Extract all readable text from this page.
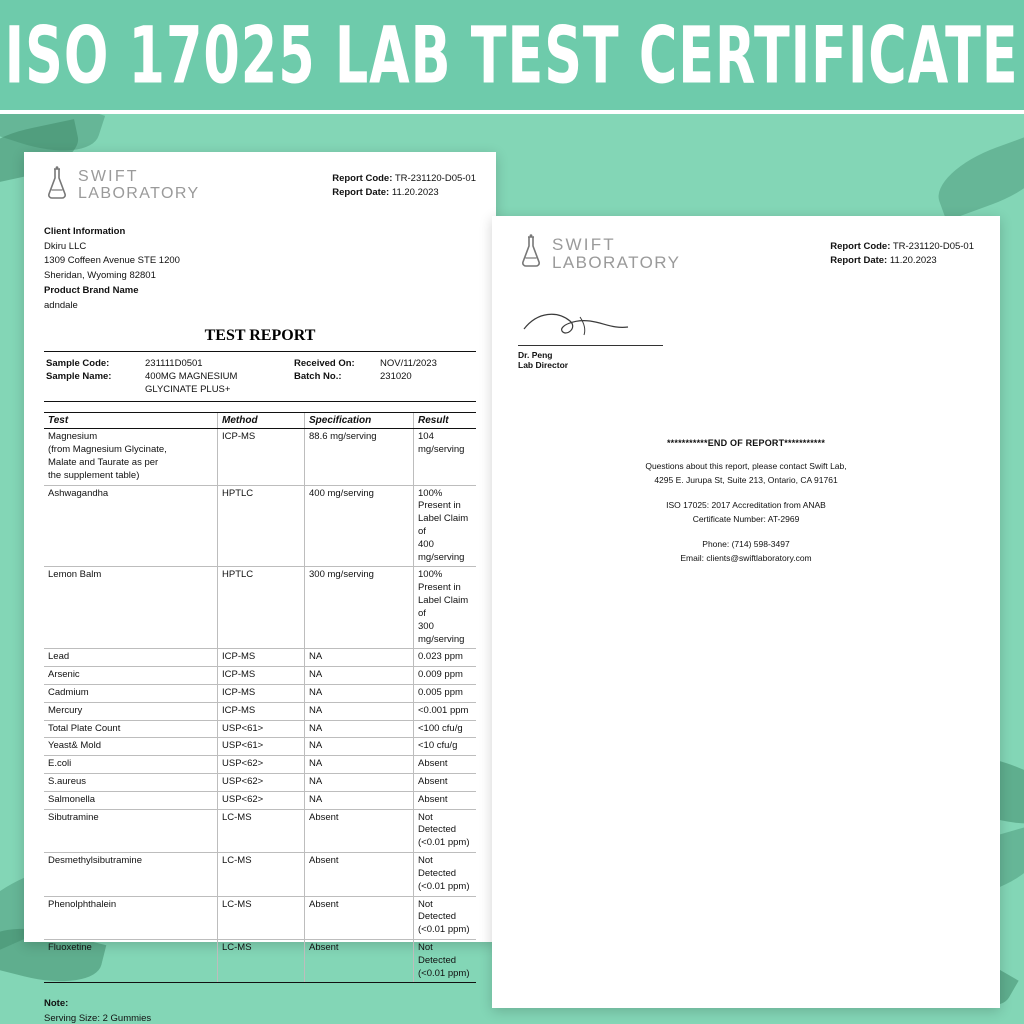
ISO 17025 LAB TEST CERTIFICATE
SWIFT
LABORATORY
Report Code: TR-231120-D05-01
Report Date: 11.20.2023
Client Information
Dkiru LLC
1309 Coffeen Avenue STE 1200
Sheridan, Wyoming 82801
Product Brand Name
adndale
TEST REPORT
Sample Code:	231111D0501	Received On:	NOV/11/2023
Sample Name:	400MG MAGNESIUM	Batch No.:	231020
	GLYCINATE PLUS+		
Test	Method	Specification	Result
Magnesium
(from Magnesium Glycinate,
Malate and Taurate as per
the supplement table)	ICP-MS	88.6 mg/serving	104 mg/serving
Ashwagandha	HPTLC	400 mg/serving	100% Present in
Label Claim of
400 mg/serving
Lemon Balm	HPTLC	300 mg/serving	100% Present in
Label Claim of
300 mg/serving
Lead	ICP-MS	NA	0.023 ppm
Arsenic	ICP-MS	NA	0.009 ppm
Cadmium	ICP-MS	NA	0.005 ppm
Mercury	ICP-MS	NA	<0.001 ppm
Total Plate Count	USP<61>	NA	<100 cfu/g
Yeast& Mold	USP<61>	NA	<10 cfu/g
E.coli	USP<62>	NA	Absent
S.aureus	USP<62>	NA	Absent
Salmonella	USP<62>	NA	Absent
Sibutramine	LC-MS	Absent	Not Detected
(<0.01 ppm)
Desmethylsibutramine	LC-MS	Absent	Not Detected
(<0.01 ppm)
Phenolphthalein	LC-MS	Absent	Not Detected
(<0.01 ppm)
Fluoxetine	LC-MS	Absent	Not Detected
(<0.01 ppm)
Note:
Serving Size: 2 Gummies
SWIFT
LABORATORY
Report Code: TR-231120-D05-01
Report Date: 11.20.2023
Dr. Peng
Lab Director
***********END OF REPORT***********
Questions about this report, please contact Swift Lab,
4295 E. Jurupa St, Suite 213, Ontario, CA 91761
ISO 17025: 2017 Accreditation from ANAB
Certificate Number: AT-2969
Phone: (714) 598-3497
Email: clients@swiftlaboratory.com
